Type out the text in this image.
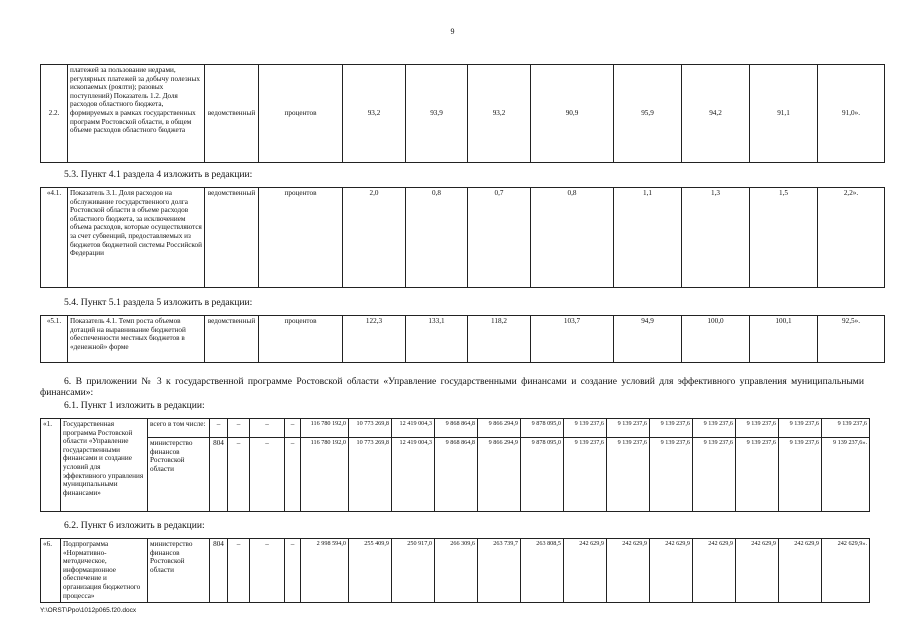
9
2.2.	платежей за пользование недрами, регулярных платежей за добычу полезных ископаемых (роялти); разовых поступлений) Показатель 1.2. Доля расходов областного бюджета, формируемых в рамках государственных программ Ростовской области, в общем объеме расходов областного бюджета	ведомственный	процентов	93,2	93,9	93,2	90,9	95,9	94,2	91,1	91,0».
5.3. Пункт 4.1 раздела 4 изложить в редакции:
«4.1.	Показатель 3.1. Доля расходов на обслуживание государственного долга Ростовской области в объеме расходов областного бюджета, за исключением объема расходов, которые осуществляются за счет субвенций, предоставляемых из бюджетов бюджетной системы Российской Федерации	ведомственный	процентов	2,0	0,8	0,7	0,8	1,1	1,3	1,5	2,2».
5.4. Пункт 5.1 раздела 5 изложить в редакции:
«5.1.	Показатель 4.1. Темп роста объемов дотаций на выравнивание бюджетной обеспеченности местных бюджетов в «денежной» форме	ведомственный	процентов	122,3	133,1	118,2	103,7	94,9	100,0	100,1	92,5».
6. В приложении № 3 к государственной программе Ростовской области «Управление государственными финансами и создание условий для эффективного управления муниципальными финансами»:
6.1. Пункт 1 изложить в редакции:
«1.	Государственная программа Ростовской области «Управление государственными финансами и создание условий для эффективного управления муниципальными финансами»	всего в том числе:	–	–	–	–	116 780 192,0	10 773 269,8	12 419 004,3	9 868 864,8	9 866 294,9	9 878 095,0	9 139 237,6	9 139 237,6	9 139 237,6	9 139 237,6	9 139 237,6	9 139 237,6	9 139 237,6
		министерство финансов Ростовской области	804	–	–	–	116 780 192,0	10 773 269,8	12 419 004,3	9 868 864,8	9 866 294,9	9 878 095,0	9 139 237,6	9 139 237,6	9 139 237,6	9 139 237,6	9 139 237,6	9 139 237,6	9 139 237,6».
6.2. Пункт 6 изложить в редакции:
«6.	Подпрограмма «Нормативно-методическое, информационное обеспечение и организация бюджетного процесса»	министерство финансов Ростовской области	804	–	–	–	2 998 594,0	255 409,9	250 917,0	266 309,6	263 739,7	263 808,5	242 629,9	242 629,9	242 629,9	242 629,9	242 629,9	242 629,9	242 629,9».
Y:\ORST\Ppo\1012p065.f20.docx
